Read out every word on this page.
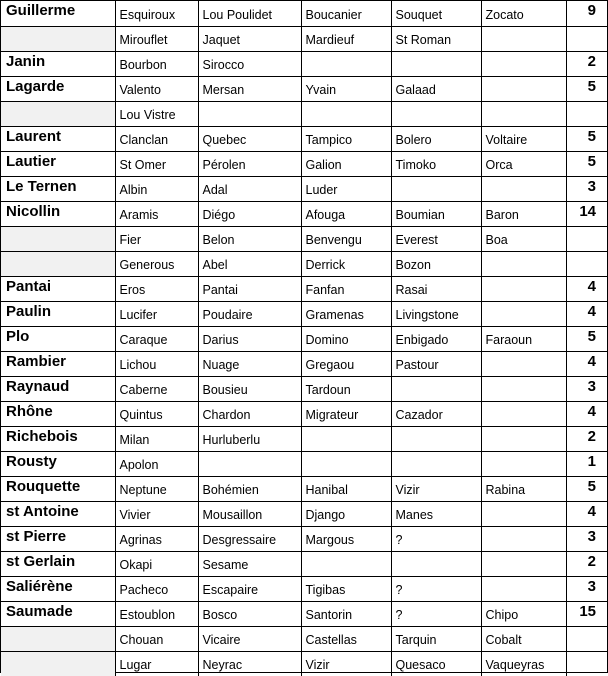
Guillerme	Esquiroux	Lou Poulidet	Boucanier	Souquet	Zocato	9
	Mirouflet	Jaquet	Mardieuf	St Roman		
Janin	Bourbon	Sirocco				2
Lagarde	Valento	Mersan	Yvain	Galaad		5
	Lou Vistre					
Laurent	Clanclan	Quebec	Tampico	Bolero	Voltaire	5
Lautier	St Omer	Pérolen	Galion	Timoko	Orca	5
Le Ternen	Albin	Adal	Luder			3
Nicollin	Aramis	Diégo	Afouga	Boumian	Baron	14
	Fier	Belon	Benvengu	Everest	Boa	
	Generous	Abel	Derrick	Bozon		
Pantai	Eros	Pantai	Fanfan	Rasai		4
Paulin	Lucifer	Poudaire	Gramenas	Livingstone		4
Plo	Caraque	Darius	Domino	Enbigado	Faraoun	5
Rambier	Lichou	Nuage	Gregaou	Pastour		4
Raynaud	Caberne	Bousieu	Tardoun			3
Rhône	Quintus	Chardon	Migrateur	Cazador		4
Richebois	Milan	Hurluberlu				2
Rousty	Apolon					1
Rouquette	Neptune	Bohémien	Hanibal	Vizir	Rabina	5
st Antoine	Vivier	Mousaillon	Django	Manes		4
st Pierre	Agrinas	Desgressaire	Margous	?		3
st Gerlain	Okapi	Sesame				2
Saliérène	Pacheco	Escapaire	Tigibas	?		3
Saumade	Estoublon	Bosco	Santorin	?	Chipo	15
	Chouan	Vicaire	Castellas	Tarquin	Cobalt	
	Lugar	Neyrac	Vizir	Quesaco	Vaqueyras	
